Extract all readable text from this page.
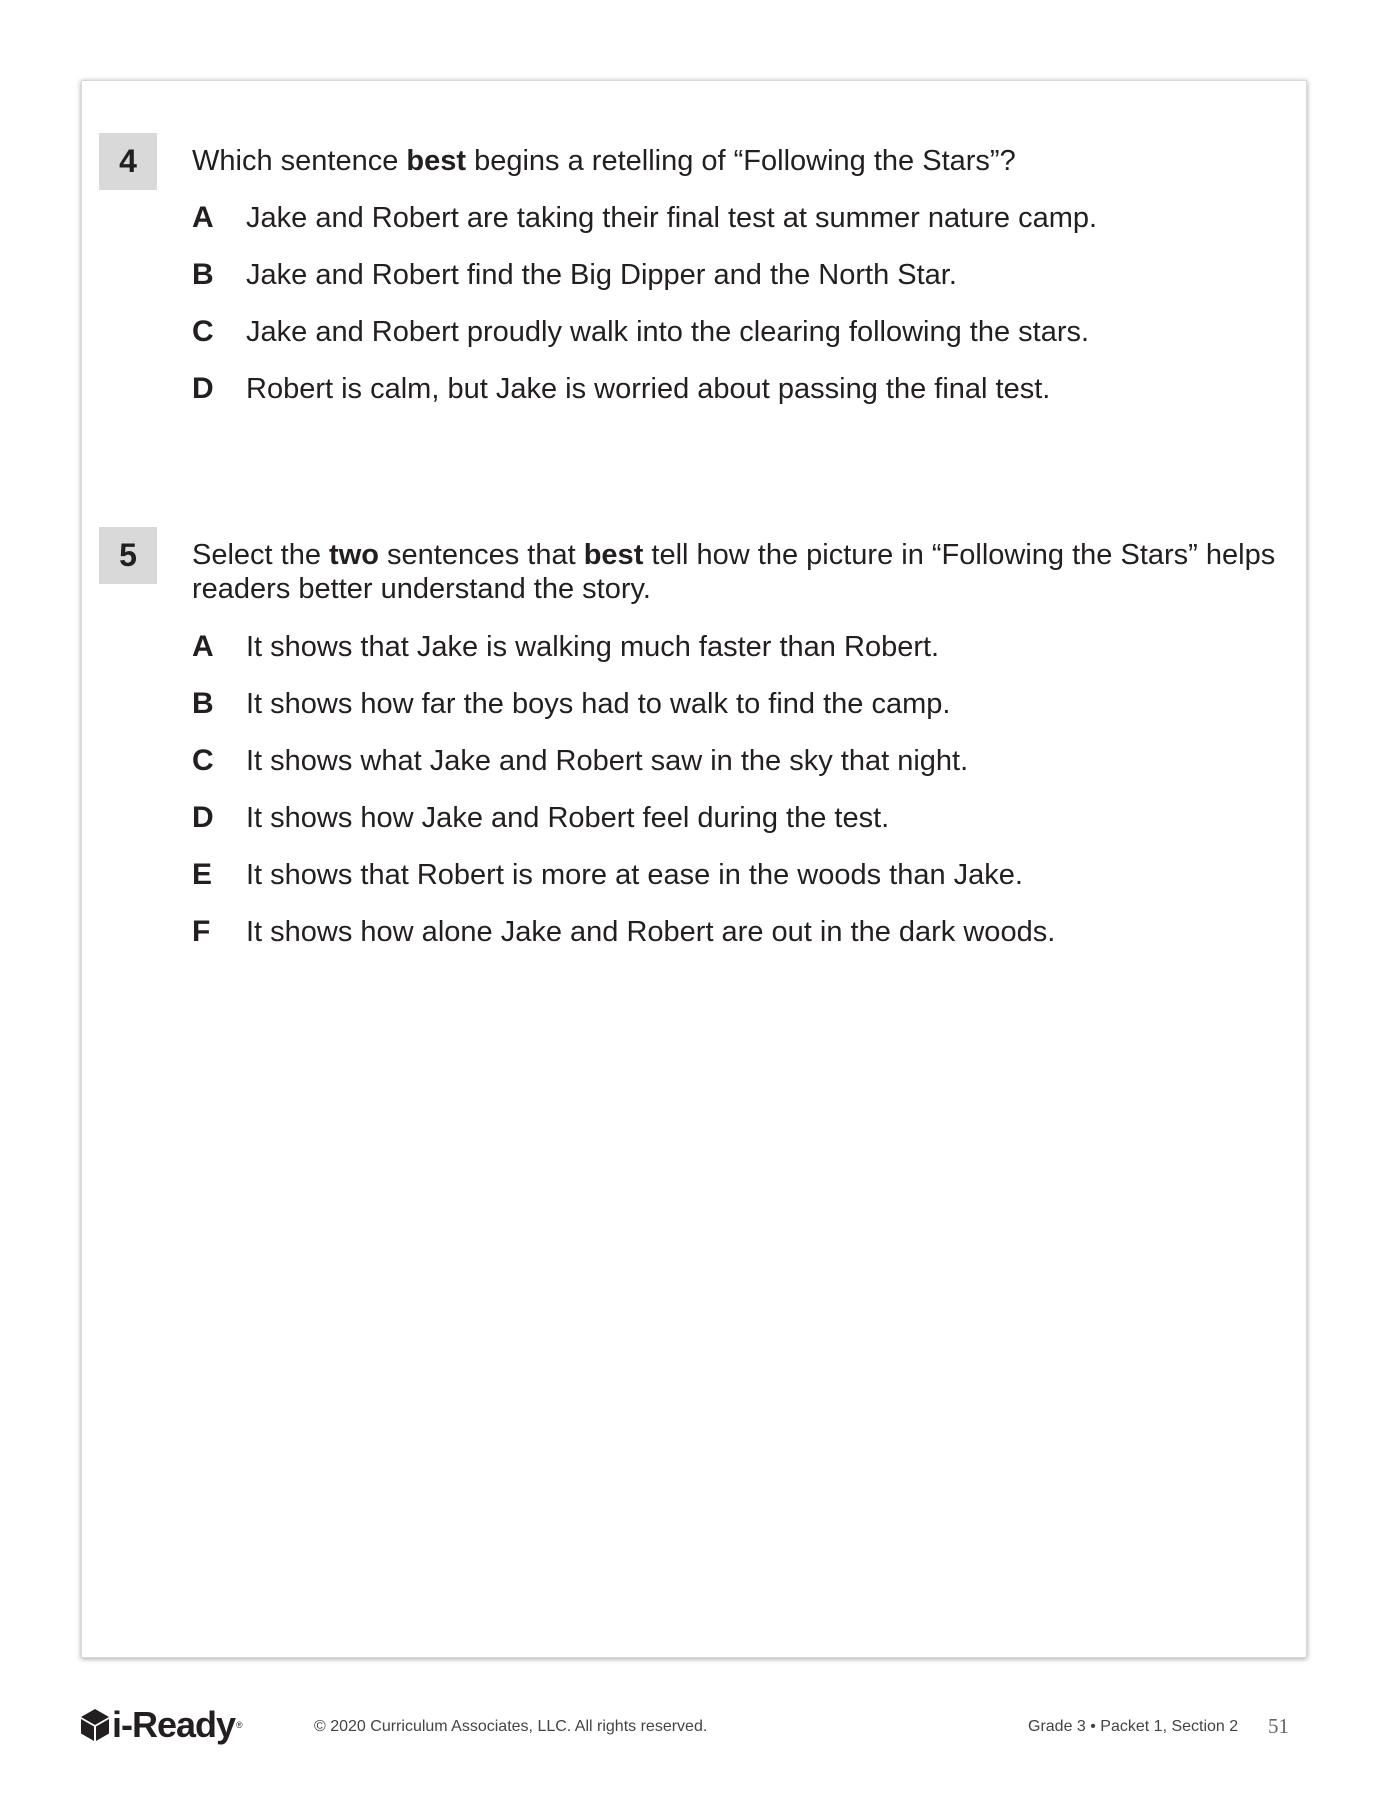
4	Which sentence best begins a retelling of “Following the Stars”?
A Jake and Robert are taking their final test at summer nature camp.
B Jake and Robert find the Big Dipper and the North Star.
C Jake and Robert proudly walk into the clearing following the stars.
D Robert is calm, but Jake is worried about passing the final test.
5	Select the two sentences that best tell how the picture in “Following the Stars” helps readers better understand the story.
A It shows that Jake is walking much faster than Robert.
B It shows how far the boys had to walk to find the camp.
C It shows what Jake and Robert saw in the sky that night.
D It shows how Jake and Robert feel during the test.
E It shows that Robert is more at ease in the woods than Jake.
F It shows how alone Jake and Robert are out in the dark woods.
i-Ready ®	© 2020 Curriculum Associates, LLC. All rights reserved.	Grade 3 • Packet 1, Section 2 51
